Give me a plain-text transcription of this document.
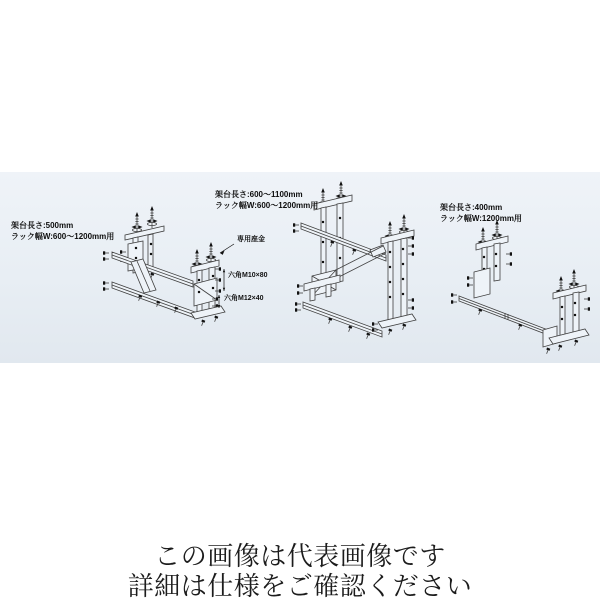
架台長さ:500mm
ラック幅W:600〜1200mm用
架台長さ:600〜1100mm
ラック幅W:600〜1200mm用	架台長さ:400mm
ラック幅W:1200mm用
専用座金
六角M10×80
六角M12×40
この画像は代表画像です
詳細は仕様をご確認ください
